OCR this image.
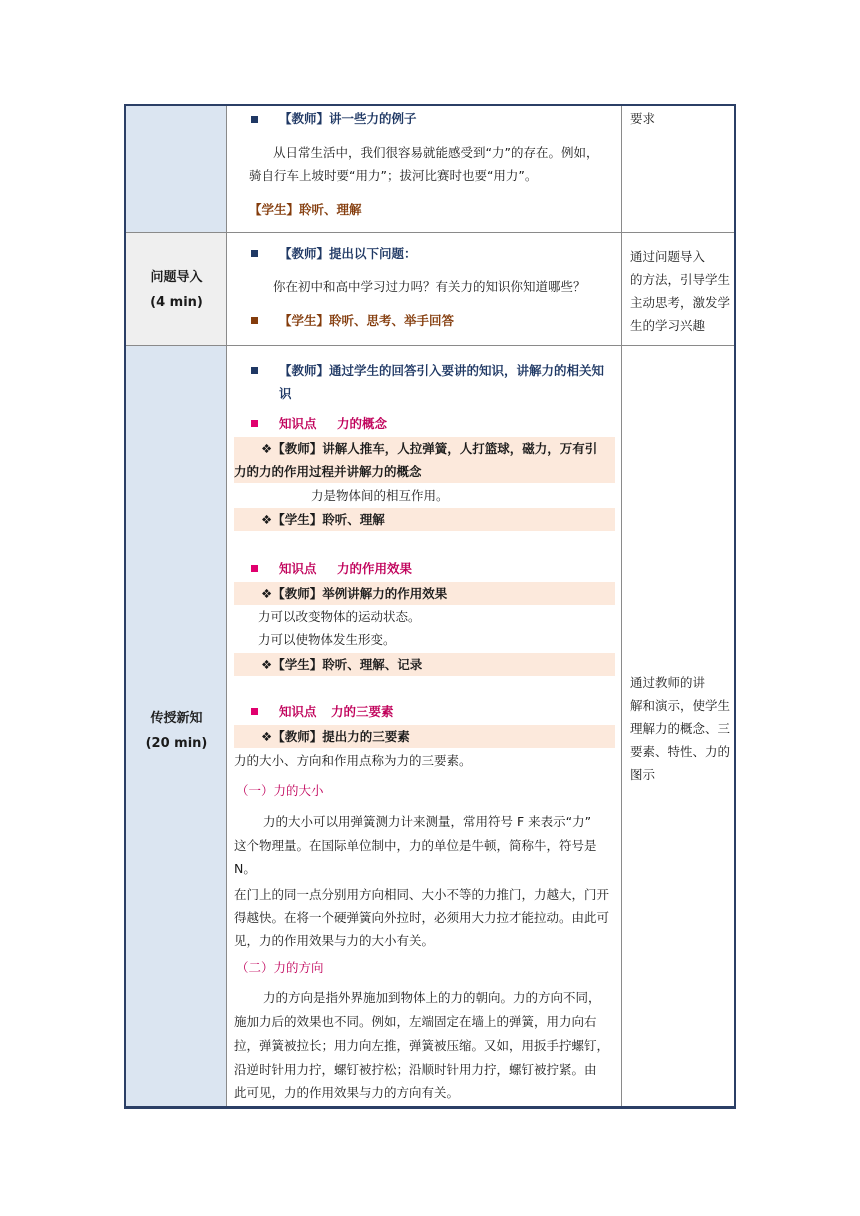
【教师】讲一些力的例子
从日常生活中，我们很容易就能感受到“力”的存在。例如，
骑自行车上坡时要“用力”；拔河比赛时也要“用力”。
【学生】聆听、理解
要求
问题导入
(4 min)
【教师】提出以下问题：
你在初中和高中学习过力吗？有关力的知识你知道哪些？
【学生】聆听、思考、举手回答
通过问题导入
的方法，引导学生
主动思考，激发学
生的学习兴趣
传授新知
(20 min)
【教师】通过学生的回答引入要讲的知识，讲解力的相关知
识
知识点 力的概念
❖【教师】讲解人推车，人拉弹簧，人打篮球，磁力，万有引
力的力的作用过程并讲解力的概念
力是物体间的相互作用。
❖【学生】聆听、理解
知识点 力的作用效果
❖【教师】举例讲解力的作用效果
力可以改变物体的运动状态。
力可以使物体发生形变。
❖【学生】聆听、理解、记录
知识点 力的三要素
❖【教师】提出力的三要素
力的大小、方向和作用点称为力的三要素。
（一）力的大小
力的大小可以用弹簧测力计来测量，常用符号 F 来表示“力”
这个物理量。在国际单位制中，力的单位是牛顿，简称牛，符号是
N。
在门上的同一点分别用方向相同、大小不等的力推门，力越大，门开
得越快。在将一个硬弹簧向外拉时，必须用大力拉才能拉动。由此可
见，力的作用效果与力的大小有关。
（二）力的方向
力的方向是指外界施加到物体上的力的朝向。力的方向不同，
施加力后的效果也不同。例如，左端固定在墙上的弹簧，用力向右
拉，弹簧被拉长；用力向左推，弹簧被压缩。又如，用扳手拧螺钉，
沿逆时针用力拧，螺钉被拧松；沿顺时针用力拧，螺钉被拧紧。由
此可见，力的作用效果与力的方向有关。
通过教师的讲
解和演示，使学生
理解力的概念、三
要素、特性、力的
图示
